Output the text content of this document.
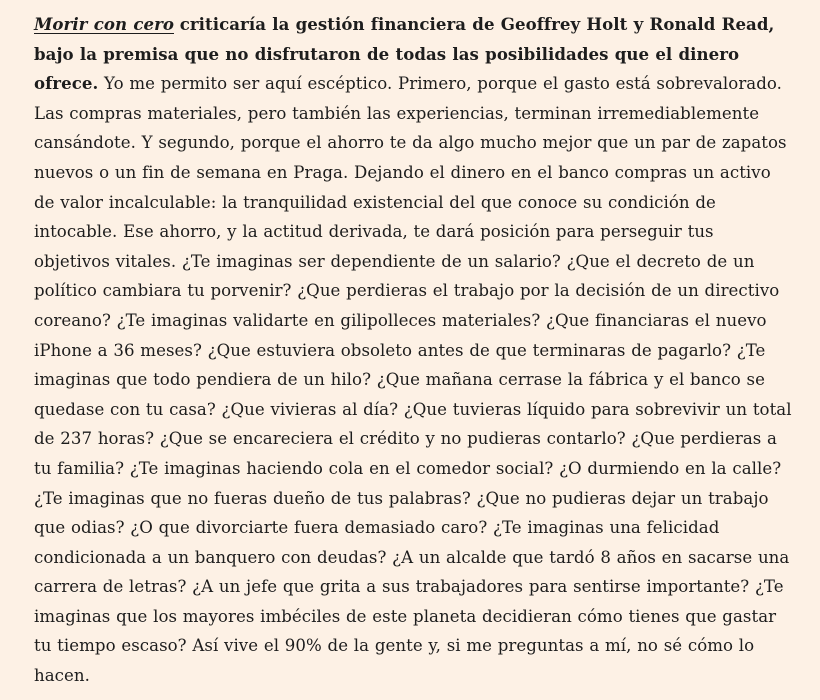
Morir con cero criticaría la gestión financiera de Geoffrey Holt y Ronald Read, bajo la premisa que no disfrutaron de todas las posibilidades que el dinero ofrece. Yo me permito ser aquí escéptico. Primero, porque el gasto está sobrevalorado. Las compras materiales, pero también las experiencias, terminan irremediablemente cansándote. Y segundo, porque el ahorro te da algo mucho mejor que un par de zapatos nuevos o un fin de semana en Praga. Dejando el dinero en el banco compras un activo de valor incalculable: la tranquilidad existencial del que conoce su condición de intocable. Ese ahorro, y la actitud derivada, te dará posición para perseguir tus objetivos vitales. ¿Te imaginas ser dependiente de un salario? ¿Que el decreto de un político cambiara tu porvenir? ¿Que perdieras el trabajo por la decisión de un directivo coreano? ¿Te imaginas validarte en gilipolleces materiales? ¿Que financiaras el nuevo iPhone a 36 meses? ¿Que estuviera obsoleto antes de que terminaras de pagarlo? ¿Te imaginas que todo pendiera de un hilo? ¿Que mañana cerrase la fábrica y el banco se quedase con tu casa? ¿Que vivieras al día? ¿Que tuvieras líquido para sobrevivir un total de 237 horas? ¿Que se encareciera el crédito y no pudieras contarlo? ¿Que perdieras a tu familia? ¿Te imaginas haciendo cola en el comedor social? ¿O durmiendo en la calle? ¿Te imaginas que no fueras dueño de tus palabras? ¿Que no pudieras dejar un trabajo que odias? ¿O que divorciarte fuera demasiado caro? ¿Te imaginas una felicidad condicionada a un banquero con deudas? ¿A un alcalde que tardó 8 años en sacarse una carrera de letras? ¿A un jefe que grita a sus trabajadores para sentirse importante? ¿Te imaginas que los mayores imbéciles de este planeta decidieran cómo tienes que gastar tu tiempo escaso? Así vive el 90% de la gente y, si me preguntas a mí, no sé cómo lo hacen.
